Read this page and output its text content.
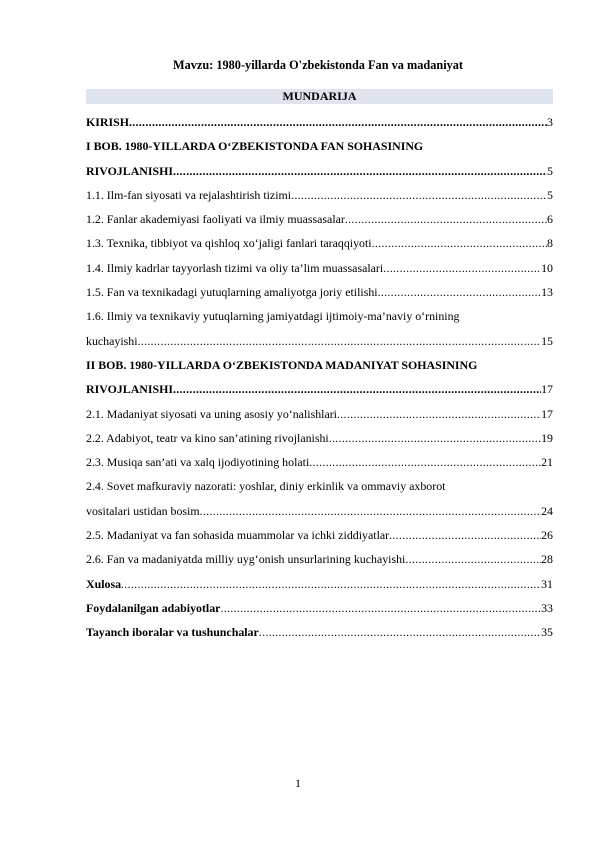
Mavzu: 1980-yillarda O'zbekistonda Fan va madaniyat
MUNDARIJA
KIRISH .....	3
I BOB. 1980-YILLARDA O‘ZBEKISTONDA FAN SOHASINING
RIVOJLANISHI .....	5
1.1. Ilm-fan siyosati va rejalashtirish tizimi .....	5
1.2. Fanlar akademiyasi faoliyati va ilmiy muassasalar .....	6
1.3. Texnika, tibbiyot va qishloq xo‘jaligi fanlari taraqqiyoti .....	8
1.4. Ilmiy kadrlar tayyorlash tizimi va oliy ta’lim muassasalari .....	10
1.5. Fan va texnikadagi yutuqlarning amaliyotga joriy etilishi .....	13
1.6. Ilmiy va texnikaviy yutuqlarning jamiyatdagi ijtimoiy-ma’naviy o‘rnining
kuchayishi .....	15
II BOB. 1980-YILLARDA O‘ZBEKISTONDA MADANIYAT SOHASINING
RIVOJLANISHI .....	17
2.1. Madaniyat siyosati va uning asosiy yo‘nalishlari .....	17
2.2. Adabiyot, teatr va kino san’atining rivojlanishi .....	19
2.3. Musiqa san’ati va xalq ijodiyotining holati .....	21
2.4. Sovet mafkuraviy nazorati: yoshlar, diniy erkinlik va ommaviy axborot
vositalari ustidan bosim .....	24
2.5. Madaniyat va fan sohasida muammolar va ichki ziddiyatlar .....	26
2.6. Fan va madaniyatda milliy uyg‘onish unsurlarining kuchayishi .....	28
Xulosa .....	31
Foydalanilgan adabiyotlar .....	33
Tayanch iboralar va tushunchalar .....	35
1
